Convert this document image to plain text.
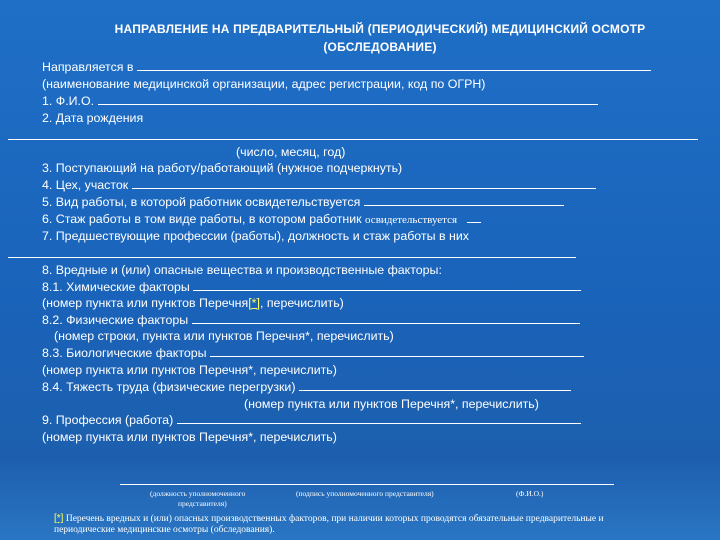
НАПРАВЛЕНИЕ НА ПРЕДВАРИТЕЛЬНЫЙ (ПЕРИОДИЧЕСКИЙ) МЕДИЦИНСКИЙ ОСМОТР
(ОБСЛЕДОВАНИЕ)
Направляется в
(наименование медицинской организации, адрес регистрации, код по ОГРН)
1. Ф.И.О.
2. Дата рождения
(число, месяц, год)
3. Поступающий на работу/работающий (нужное подчеркнуть)
4. Цех, участок
5. Вид работы, в которой работник освидетельствуется
6. Стаж работы в том виде работы, в котором работник освидетельствуется
7. Предшествующие профессии (работы), должность и стаж работы в них
8. Вредные и (или) опасные вещества и производственные факторы:
8.1. Химические факторы
(номер пункта или пунктов Перечня[*], перечислить)
8.2. Физические факторы
(номер строки, пункта или пунктов Перечня*, перечислить)
8.3. Биологические факторы
(номер пункта или пунктов Перечня*, перечислить)
8.4. Тяжесть труда (физические перегрузки)
(номер пункта или пунктов Перечня*, перечислить)
9. Профессия (работа)
(номер пункта или пунктов Перечня*, перечислить)
(должность уполномоченного
представителя)
(подпись уполномоченного представителя)	(Ф.И.О.)
[*] Перечень вредных и (или) опасных производственных факторов, при наличии которых проводятся обязательные предварительные и
периодические медицинские осмотры (обследования).
